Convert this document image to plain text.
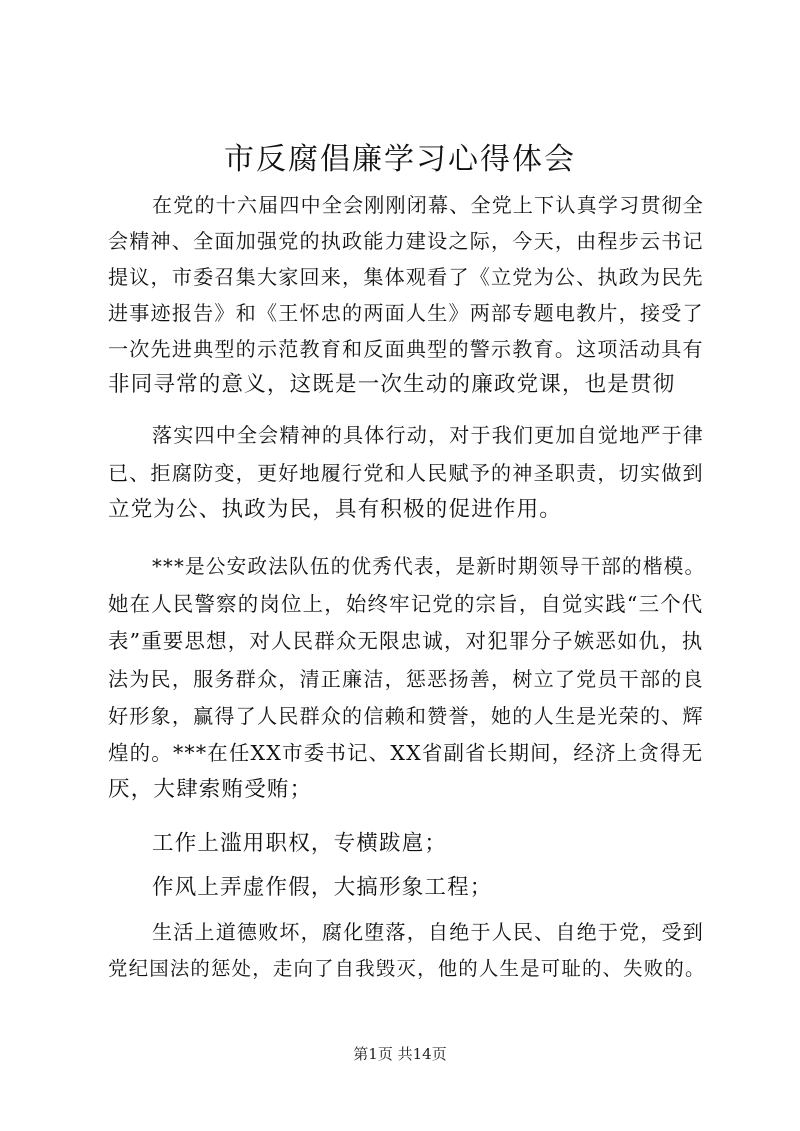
市反腐倡廉学习心得体会
在党的十六届四中全会刚刚闭幕、全党上下认真学习贯彻全
会精神、全面加强党的执政能力建设之际，今天，由程步云书记
提议，市委召集大家回来，集体观看了《立党为公、执政为民先
进事迹报告》和《王怀忠的两面人生》两部专题电教片，接受了
一次先进典型的示范教育和反面典型的警示教育。这项活动具有
非同寻常的意义，这既是一次生动的廉政党课，也是贯彻
落实四中全会精神的具体行动，对于我们更加自觉地严于律
已、拒腐防变，更好地履行党和人民赋予的神圣职责，切实做到
立党为公、执政为民，具有积极的促进作用。
***是公安政法队伍的优秀代表，是新时期领导干部的楷模。
她在人民警察的岗位上，始终牢记党的宗旨，自觉实践“三个代
表”重要思想，对人民群众无限忠诚，对犯罪分子嫉恶如仇，执
法为民，服务群众，清正廉洁，惩恶扬善，树立了党员干部的良
好形象，赢得了人民群众的信赖和赞誉，她的人生是光荣的、辉
煌的。***在任XX市委书记、XX省副省长期间，经济上贪得无
厌，大肆索贿受贿；
工作上滥用职权，专横跋扈；
作风上弄虚作假，大搞形象工程；
生活上道德败坏，腐化堕落，自绝于人民、自绝于党，受到
党纪国法的惩处，走向了自我毁灭，他的人生是可耻的、失败的。
第1页 共14页
